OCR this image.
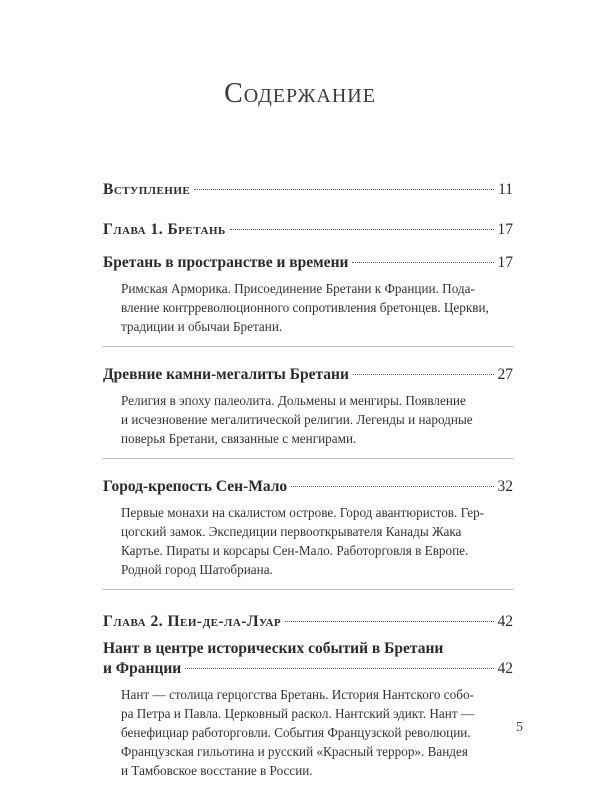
Содержание
Вступление	11
Глава 1. Бретань	17
Бретань в пространстве и времени	17
Римская Арморика. Присоединение Бретани к Франции. Пода-
вление контрреволюционного сопротивления бретонцев. Церкви,
традиции и обычаи Бретани.
Древние камни-мегалиты Бретани	27
Религия в эпоху палеолита. Дольмены и менгиры. Появление
и исчезновение мегалитической религии. Легенды и народные
поверья Бретани, связанные с менгирами.
Город-крепость Сен-Мало	32
Первые монахи на скалистом острове. Город авантюристов. Гер-
цогский замок. Экспедиции первооткрывателя Канады Жака
Картье. Пираты и корсары Сен-Мало. Работорговля в Европе.
Родной город Шатобриана.
Глава 2. Пеи-де-ла-Луар	42
Нант в центре исторических событий в Бретани
и Франции	42
Нант — столица герцогства Бретань. История Нантского собо-
ра Петра и Павла. Церковный раскол. Нантский эдикт. Нант —
бенефициар работорговли. События Французской революции.
Французская гильотина и русский «Красный террор». Вандея
и Тамбовское восстание в России.
5
